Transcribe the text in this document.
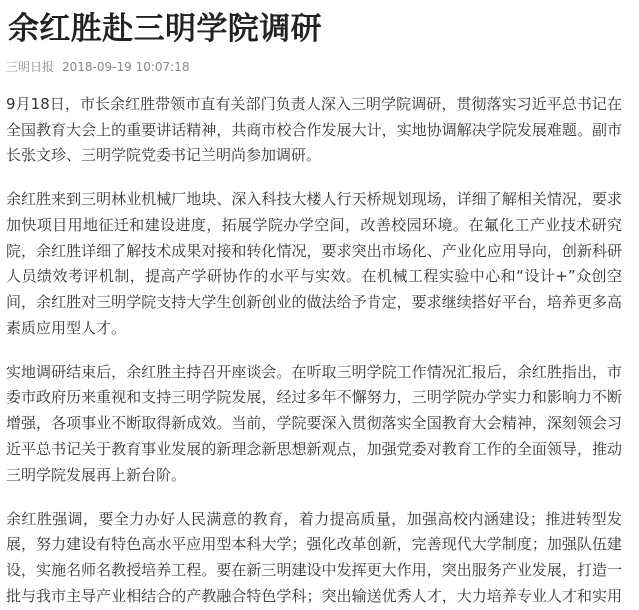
余红胜赴三明学院调研
三明日报 2018-09-19 10:07:18

9月18日，市长余红胜带领市直有关部门负责人深入三明学院调研，贯彻落实习近平总书记在
全国教育大会上的重要讲话精神，共商市校合作发展大计，实地协调解决学院发展难题。副市
长张文珍、三明学院党委书记兰明尚参加调研。

余红胜来到三明林业机械厂地块、深入科技大楼人行天桥规划现场，详细了解相关情况，要求
加快项目用地征迁和建设进度，拓展学院办学空间，改善校园环境。在氟化工产业技术研究
院，余红胜详细了解技术成果对接和转化情况，要求突出市场化、产业化应用导向，创新科研
人员绩效考评机制，提高产学研协作的水平与实效。在机械工程实验中心和“设计+”众创空
间，余红胜对三明学院支持大学生创新创业的做法给予肯定，要求继续搭好平台，培养更多高
素质应用型人才。

实地调研结束后，余红胜主持召开座谈会。在听取三明学院工作情况汇报后，余红胜指出，市
委市政府历来重视和支持三明学院发展，经过多年不懈努力，三明学院办学实力和影响力不断
增强，各项事业不断取得新成效。当前，学院要深入贯彻落实全国教育大会精神，深刻领会习
近平总书记关于教育事业发展的新理念新思想新观点，加强党委对教育工作的全面领导，推动
三明学院发展再上新台阶。

余红胜强调，要全力办好人民满意的教育，着力提高质量，加强高校内涵建设；推进转型发
展，努力建设有特色高水平应用型本科大学；强化改革创新，完善现代大学制度；加强队伍建
设，实施名师名教授培养工程。要在新三明建设中发挥更大作用，突出服务产业发展，打造一
批与我市主导产业相结合的产教融合特色学科；突出输送优秀人才，大力培养专业人才和实用
